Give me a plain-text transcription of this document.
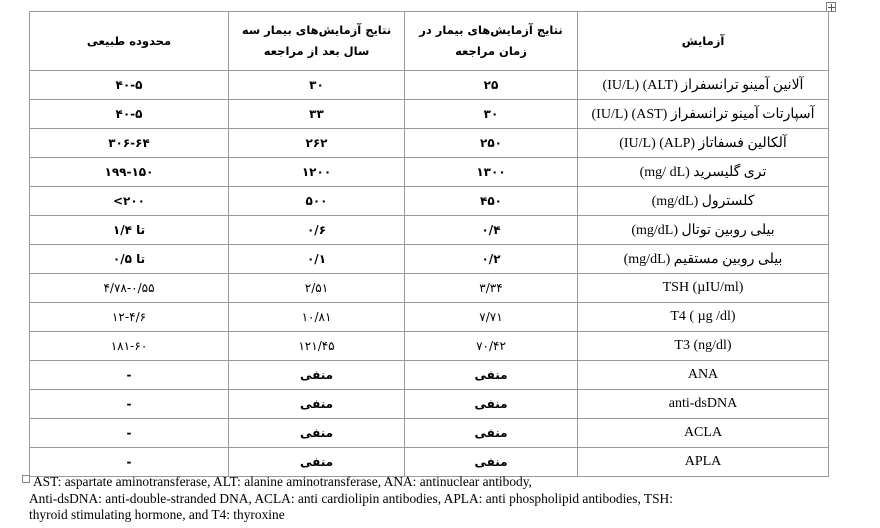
آزمایش	نتایج آزمایش‌های بیمار در زمان مراجعه	نتایج آزمایش‌های بیمار سه سال بعد از مراجعه	محدوده طبیعی
آلانین آمینو ترانسفراز (ALT) (IU/L)	۲۵	۳۰	۴۰-۵
آسپارتات آمینو ترانسفراز (AST) (IU/L)	۳۰	۳۳	۴۰-۵
آلکالین فسفاتاز (ALP) (IU/L)	۲۵۰	۲۶۲	۳۰۶-۶۴
تری گلیسرید (mg/ dL)	۱۳۰۰	۱۲۰۰	۱۹۹-۱۵۰
کلسترول (mg/dL)	۴۵۰	۵۰۰	۲۰۰>
بیلی روبین توتال (mg/dL)	۰/۴	۰/۶	تا ۱/۴
بیلی روبین مستقیم (mg/dL)	۰/۲	۰/۱	تا ۰/۵
TSH (µIU/ml)	۳/۳۴	۲/۵۱	۴/۷۸-۰/۵۵
T4 ( µg /dl)	۷/۷۱	۱۰/۸۱	۱۲-۴/۶
T3 (ng/dl)	۷۰/۴۲	۱۲۱/۴۵	۱۸۱-۶۰
ANA	منفی	منفی	-
anti-dsDNA	منفی	منفی	-
ACLA	منفی	منفی	-
APLA	منفی	منفی	-
AST: aspartate aminotransferase, ALT: alanine aminotransferase, ANA: antinuclear antibody,
Anti-dsDNA: anti-double-stranded DNA, ACLA: anti cardiolipin antibodies, APLA: anti phospholipid antibodies, TSH:
thyroid stimulating hormone, and T4: thyroxine
